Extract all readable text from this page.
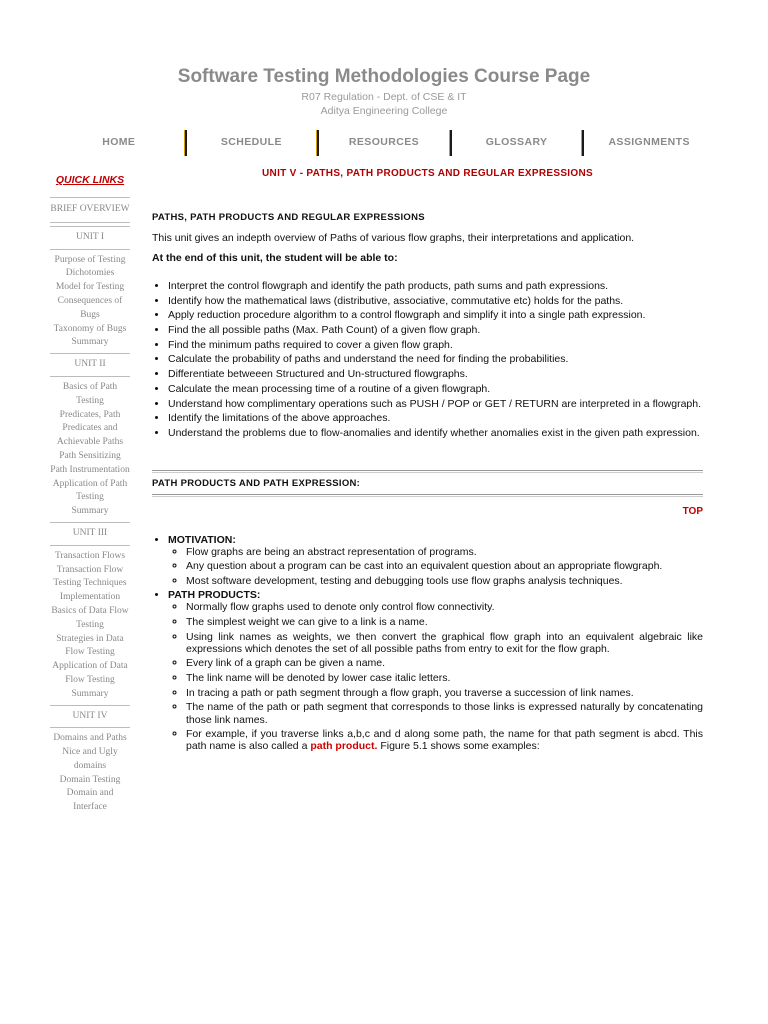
Software Testing Methodologies Course Page
R07 Regulation - Dept. of CSE & IT
Aditya Engineering College
HOME	SCHEDULE	RESOURCES	GLOSSARY	ASSIGNMENTS
QUICK LINKS
BRIEF OVERVIEW
UNIT I
Purpose of Testing
Dichotomies
Model for Testing
Consequences of Bugs
Taxonomy of Bugs
Summary
UNIT II
Basics of Path Testing
Predicates, Path Predicates and Achievable Paths
Path Sensitizing
Path Instrumentation
Application of Path Testing
Summary
UNIT III
Transaction Flows
Transaction Flow Testing Techniques
Implementation
Basics of Data Flow Testing
Strategies in Data Flow Testing
Application of Data Flow Testing
Summary
UNIT IV
Domains and Paths
Nice and Ugly domains
Domain Testing
Domain and Interface
UNIT V - PATHS, PATH PRODUCTS AND REGULAR EXPRESSIONS
PATHS, PATH PRODUCTS AND REGULAR EXPRESSIONS

This unit gives an indepth overview of Paths of various flow graphs, their interpretations and application.

At the end of this unit, the student will be able to:

• Interpret the control flowgraph and identify the path products, path sums and path expressions.
• Identify how the mathematical laws (distributive, associative, commutative etc) holds for the paths.
• Apply reduction procedure algorithm to a control flowgraph and simplify it into a single path expression.
• Find the all possible paths (Max. Path Count) of a given flow graph.
• Find the minimum paths required to cover a given flow graph.
• Calculate the probability of paths and understand the need for finding the probabilities.
• Differentiate betweeen Structured and Un-structured flowgraphs.
• Calculate the mean processing time of a routine of a given flowgraph.
• Understand how complimentary operations such as PUSH / POP or GET / RETURN are interpreted in a flowgraph.
• Identify the limitations of the above approaches.
• Understand the problems due to flow-anomalies and identify whether anomalies exist in the given path expression.
PATH PRODUCTS AND PATH EXPRESSION:
TOP
• MOTIVATION:
◦ Flow graphs are being an abstract representation of programs.
◦ Any question about a program can be cast into an equivalent question about an appropriate flowgraph.
◦ Most software development, testing and debugging tools use flow graphs analysis techniques.
• PATH PRODUCTS:
◦ Normally flow graphs used to denote only control flow connectivity.
◦ The simplest weight we can give to a link is a name.
◦ Using link names as weights, we then convert the graphical flow graph into an equivalent algebraic like expressions which denotes the set of all possible paths from entry to exit for the flow graph.
◦ Every link of a graph can be given a name.
◦ The link name will be denoted by lower case italic letters.
◦ In tracing a path or path segment through a flow graph, you traverse a succession of link names.
◦ The name of the path or path segment that corresponds to those links is expressed naturally by concatenating those link names.
◦ For example, if you traverse links a,b,c and d along some path, the name for that path segment is abcd. This path name is also called a path product. Figure 5.1 shows some examples:
